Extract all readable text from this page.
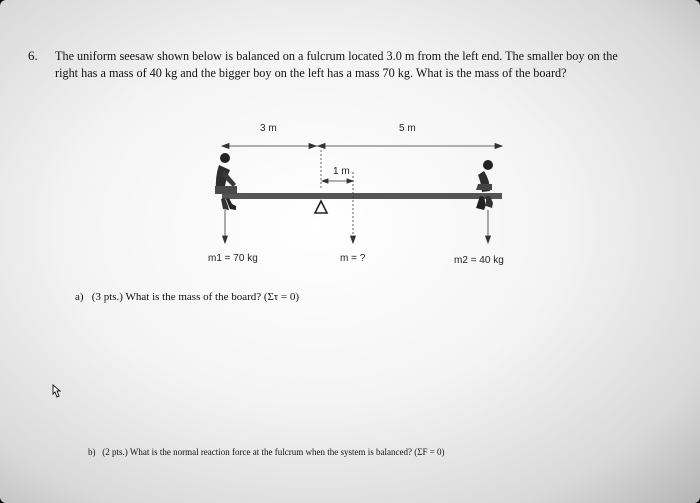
6. The uniform seesaw shown below is balanced on a fulcrum located 3.0 m from the left end. The smaller boy on the right has a mass of 40 kg and the bigger boy on the left has a mass 70 kg. What is the mass of the board?
3 m	5 m
1 m
m1 = 70 kg	m = ?	m2 = 40 kg
a) (3 pts.) What is the mass of the board? (Στ = 0)
b) (2 pts.) What is the normal reaction force at the fulcrum when the system is balanced? (ΣF = 0)
